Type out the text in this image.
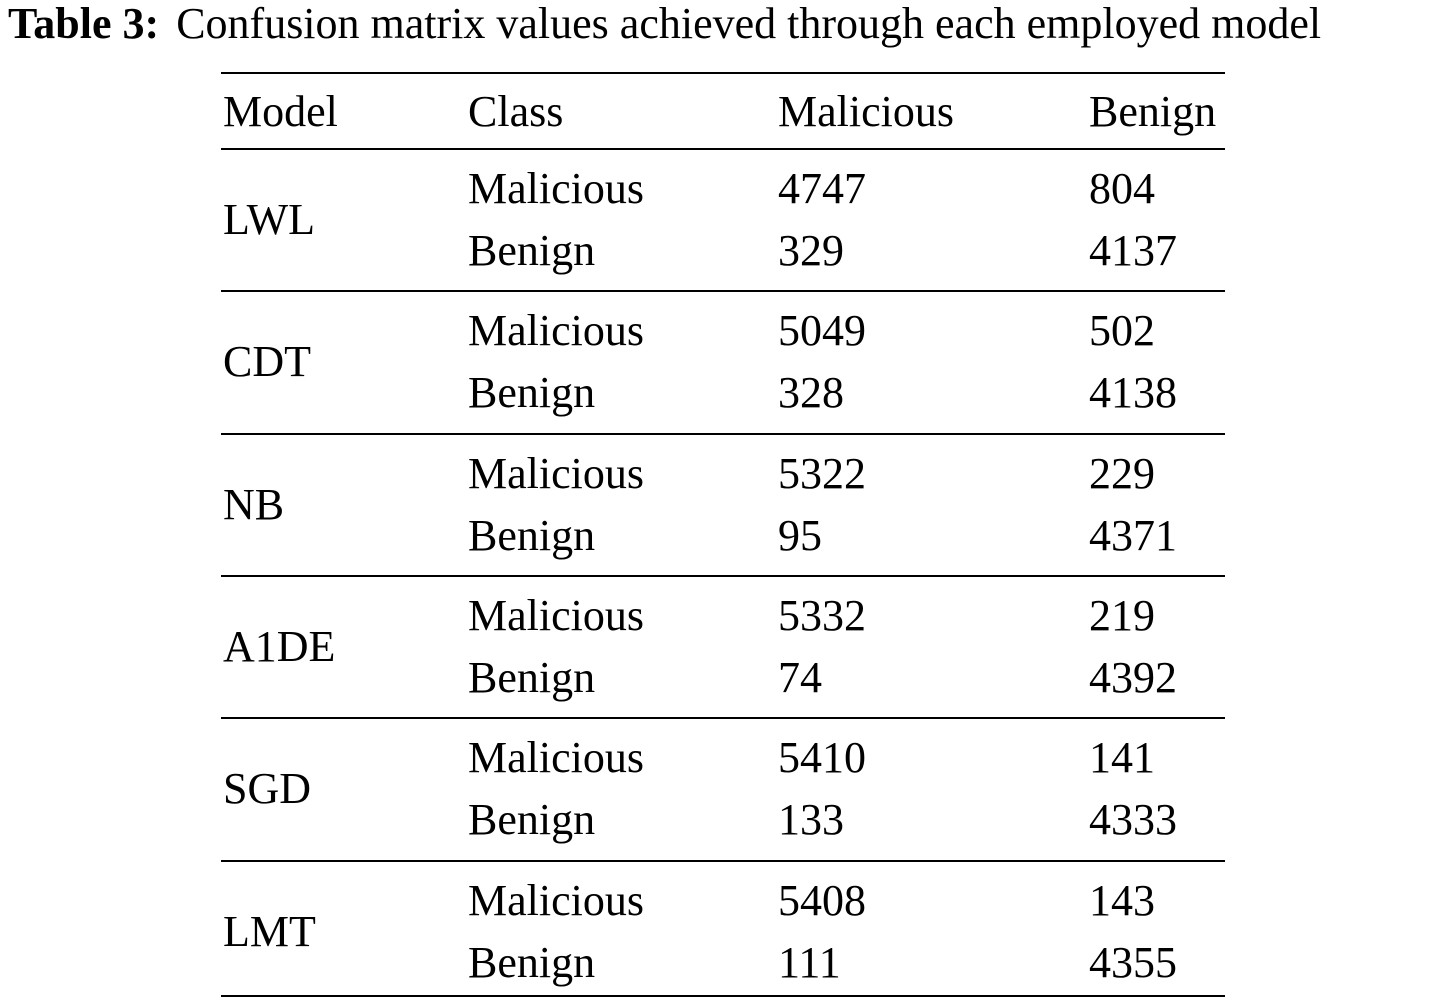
Table 3: Confusion matrix values achieved through each employed model
Model	Class	Malicious	Benign
LWL
Malicious	4747	804
Benign	329	4137
CDT
Malicious	5049	502
Benign	328	4138
NB
Malicious	5322	229
Benign	95	4371
A1DE
Malicious	5332	219
Benign	74	4392
SGD
Malicious	5410	141
Benign	133	4333
LMT
Malicious	5408	143
Benign	111	4355
